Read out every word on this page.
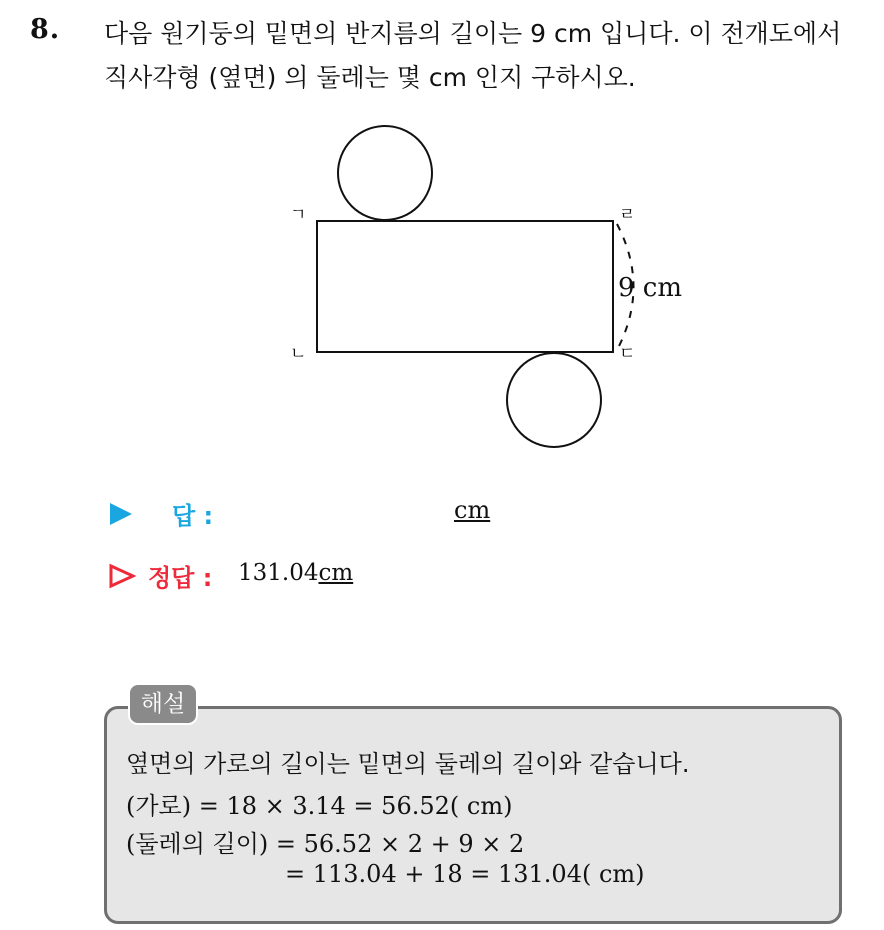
8. 다음 원기둥의 밑면의 반지름의 길이는 9 cm 입니다. 이 전개도에서
직사각형 (옆면) 의 둘레는 몇 cm 인지 구하시오.
ㄱ
ㄴ	ㄷ
ㄹ
9 cm
답 :	cm
정답 : 131.04cm
해설
옆면의 가로의 길이는 밑면의 둘레의 길이와 같습니다.
(가로) = 18 × 3.14 = 56.52( cm)
(둘레의 길이) = 56.52 × 2 + 9 × 2
= 113.04 + 18 = 131.04( cm)
